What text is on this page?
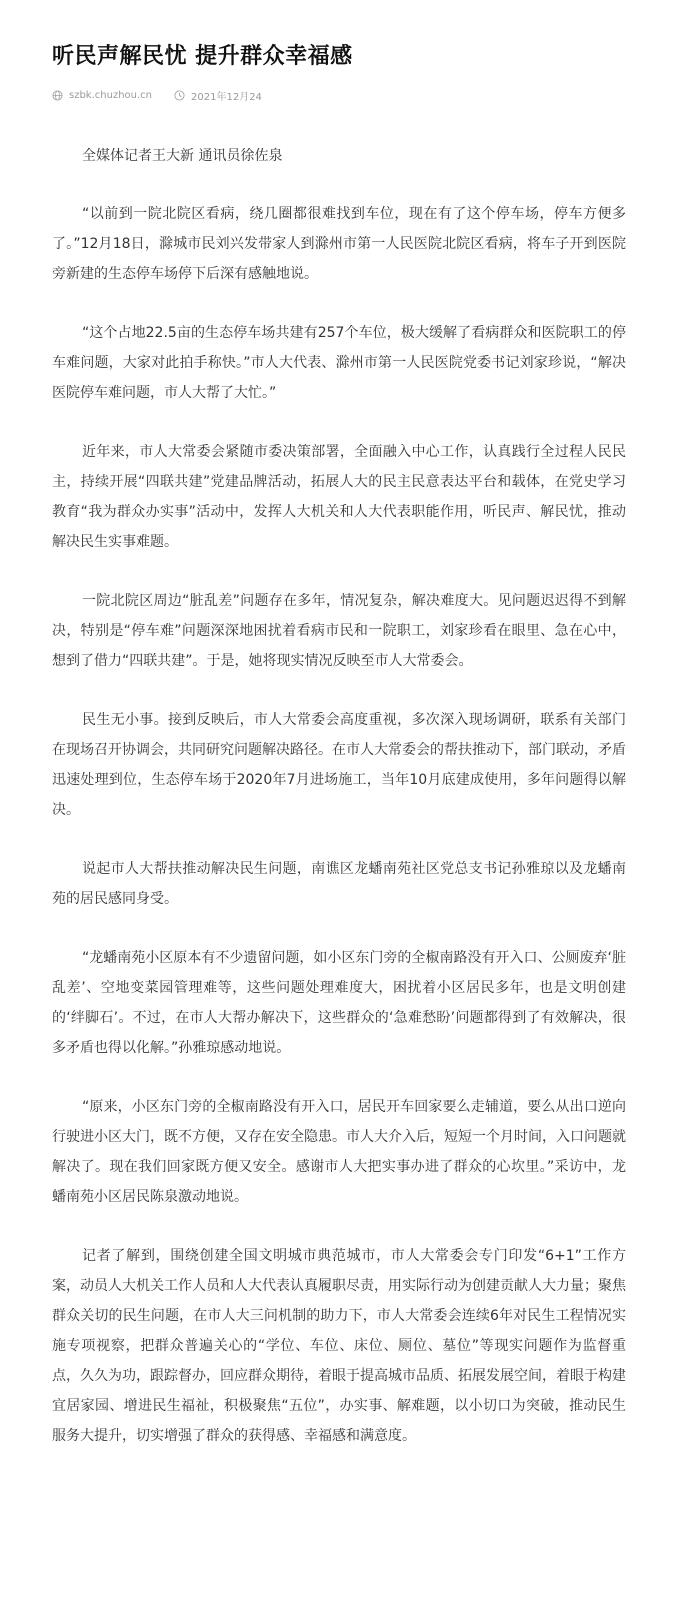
听民声解民忧 提升群众幸福感
szbk.chuzhou.cn	2021年12月24
全媒体记者王大新 通讯员徐佐泉

“以前到一院北院区看病，绕几圈都很难找到车位，现在有了这个停车场，停车方便多了。”12月18日，滁城市民刘兴发带家人到滁州市第一人民医院北院区看病，将车子开到医院旁新建的生态停车场停下后深有感触地说。

“这个占地22.5亩的生态停车场共建有257个车位，极大缓解了看病群众和医院职工的停车难问题，大家对此拍手称快。”市人大代表、滁州市第一人民医院党委书记刘家珍说，“解决医院停车难问题，市人大帮了大忙。”

近年来，市人大常委会紧随市委决策部署，全面融入中心工作，认真践行全过程人民民主，持续开展“四联共建”党建品牌活动，拓展人大的民主民意表达平台和载体，在党史学习教育“我为群众办实事”活动中，发挥人大机关和人大代表职能作用，听民声、解民忧，推动解决民生实事难题。

一院北院区周边“脏乱差”问题存在多年，情况复杂，解决难度大。见问题迟迟得不到解决，特别是“停车难”问题深深地困扰着看病市民和一院职工，刘家珍看在眼里、急在心中，想到了借力“四联共建”。于是，她将现实情况反映至市人大常委会。

民生无小事。接到反映后，市人大常委会高度重视，多次深入现场调研，联系有关部门在现场召开协调会，共同研究问题解决路径。在市人大常委会的帮扶推动下，部门联动，矛盾迅速处理到位，生态停车场于2020年7月进场施工，当年10月底建成使用，多年问题得以解决。

说起市人大帮扶推动解决民生问题，南谯区龙蟠南苑社区党总支书记孙雅琼以及龙蟠南苑的居民感同身受。

“龙蟠南苑小区原本有不少遗留问题，如小区东门旁的全椒南路没有开入口、公厕废弃‘脏乱差’、空地变菜园管理难等，这些问题处理难度大，困扰着小区居民多年，也是文明创建的‘绊脚石’。不过，在市人大帮办解决下，这些群众的‘急难愁盼’问题都得到了有效解决，很多矛盾也得以化解。”孙雅琼感动地说。

“原来，小区东门旁的全椒南路没有开入口，居民开车回家要么走辅道，要么从出口逆向行驶进小区大门，既不方便，又存在安全隐患。市人大介入后，短短一个月时间，入口问题就解决了。现在我们回家既方便又安全。感谢市人大把实事办进了群众的心坎里。”采访中，龙蟠南苑小区居民陈泉激动地说。

记者了解到，围绕创建全国文明城市典范城市，市人大常委会专门印发“6+1”工作方案，动员人大机关工作人员和人大代表认真履职尽责，用实际行动为创建贡献人大力量；聚焦群众关切的民生问题，在市人大三问机制的助力下，市人大常委会连续6年对民生工程情况实施专项视察，把群众普遍关心的“学位、车位、床位、厕位、墓位”等现实问题作为监督重点，久久为功，跟踪督办，回应群众期待，着眼于提高城市品质、拓展发展空间，着眼于构建宜居家园、增进民生福祉，积极聚焦“五位”，办实事、解难题，以小切口为突破，推动民生服务大提升，切实增强了群众的获得感、幸福感和满意度。
